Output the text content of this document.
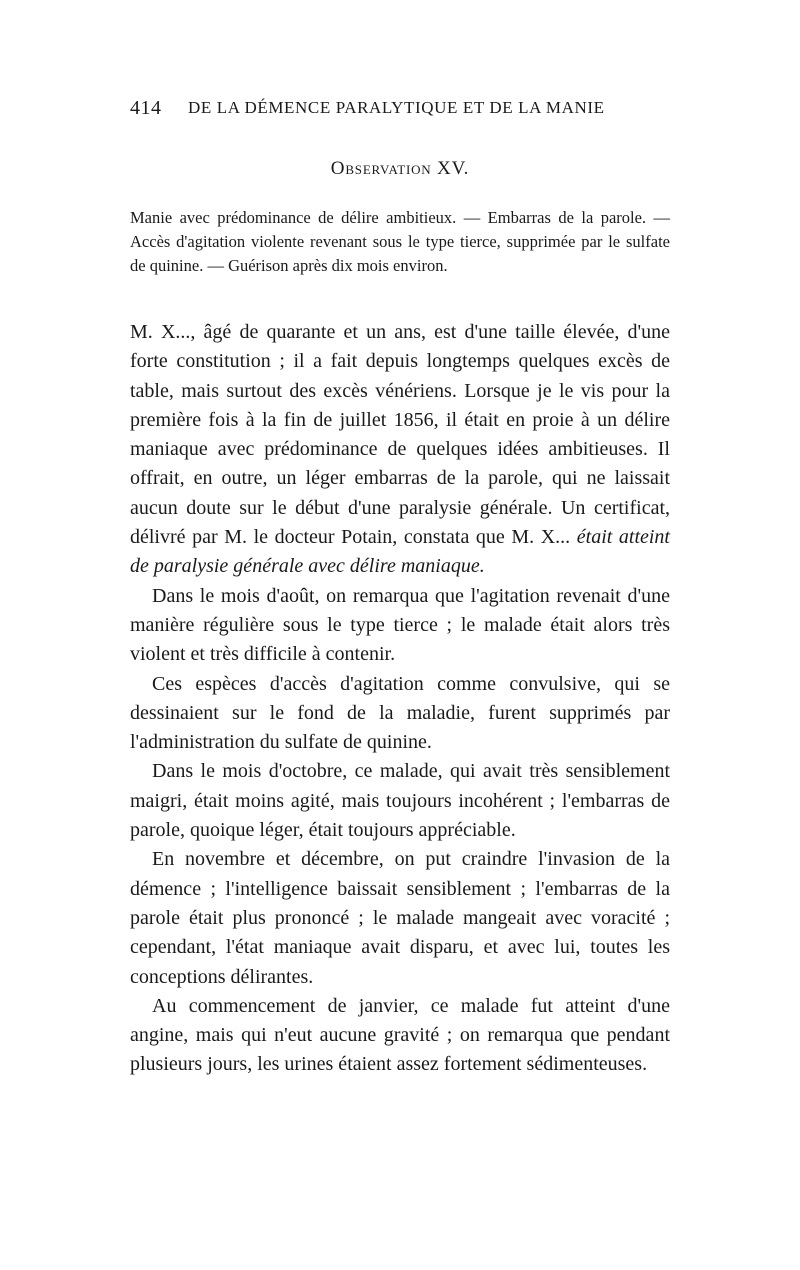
414 DE LA DÉMENCE PARALYTIQUE ET DE LA MANIE
Observation XV.

Manie avec prédominance de délire ambitieux. — Embarras de la parole. — Accès d'agitation violente revenant sous le type tierce, supprimée par le sulfate de quinine. — Guérison après dix mois environ.

M. X..., âgé de quarante et un ans, est d'une taille élevée, d'une forte constitution ; il a fait depuis longtemps quelques excès de table, mais surtout des excès vénériens. Lorsque je le vis pour la première fois à la fin de juillet 1856, il était en proie à un délire maniaque avec prédominance de quelques idées ambitieuses. Il offrait, en outre, un léger embarras de la parole, qui ne laissait aucun doute sur le début d'une paralysie générale. Un certificat, délivré par M. le docteur Potain, constata que M. X... était atteint de paralysie générale avec délire maniaque.

Dans le mois d'août, on remarqua que l'agitation revenait d'une manière régulière sous le type tierce ; le malade était alors très violent et très difficile à contenir.

Ces espèces d'accès d'agitation comme convulsive, qui se dessinaient sur le fond de la maladie, furent supprimés par l'administration du sulfate de quinine.

Dans le mois d'octobre, ce malade, qui avait très sensiblement maigri, était moins agité, mais toujours incohérent ; l'embarras de parole, quoique léger, était toujours appréciable.

En novembre et décembre, on put craindre l'invasion de la démence ; l'intelligence baissait sensiblement ; l'embarras de la parole était plus prononcé ; le malade mangeait avec voracité ; cependant, l'état maniaque avait disparu, et avec lui, toutes les conceptions délirantes.

Au commencement de janvier, ce malade fut atteint d'une angine, mais qui n'eut aucune gravité ; on remarqua que pendant plusieurs jours, les urines étaient assez fortement sédimenteuses.
